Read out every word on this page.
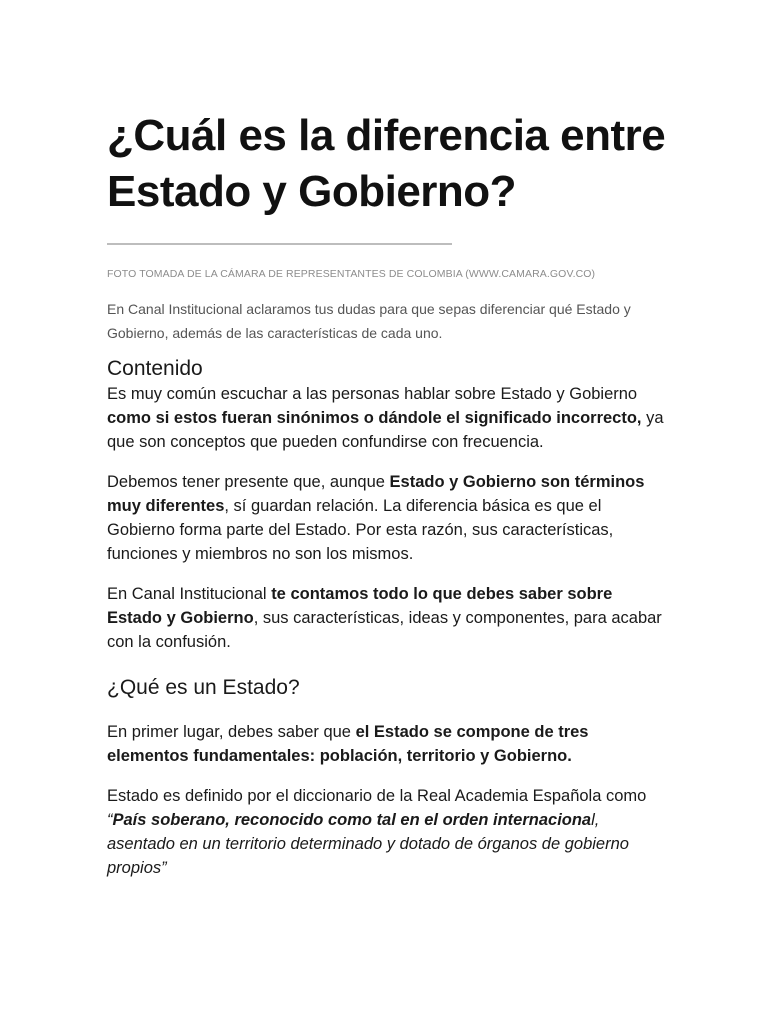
¿Cuál es la diferencia entre Estado y Gobierno?
FOTO TOMADA DE LA CÁMARA DE REPRESENTANTES DE COLOMBIA (WWW.CAMARA.GOV.CO)

En Canal Institucional aclaramos tus dudas para que sepas diferenciar qué Estado y Gobierno, además de las características de cada uno.

Contenido

Es muy común escuchar a las personas hablar sobre Estado y Gobierno como si estos fueran sinónimos o dándole el significado incorrecto, ya que son conceptos que pueden confundirse con frecuencia.

Debemos tener presente que, aunque Estado y Gobierno son términos muy diferentes, sí guardan relación. La diferencia básica es que el Gobierno forma parte del Estado. Por esta razón, sus características, funciones y miembros no son los mismos.

En Canal Institucional te contamos todo lo que debes saber sobre Estado y Gobierno, sus características, ideas y componentes, para acabar con la confusión.

¿Qué es un Estado?

En primer lugar, debes saber que el Estado se compone de tres elementos fundamentales: población, territorio y Gobierno.

Estado es definido por el diccionario de la Real Academia Española como “País soberano, reconocido como tal en el orden internacional, asentado en un territorio determinado y dotado de órganos de gobierno propios”
